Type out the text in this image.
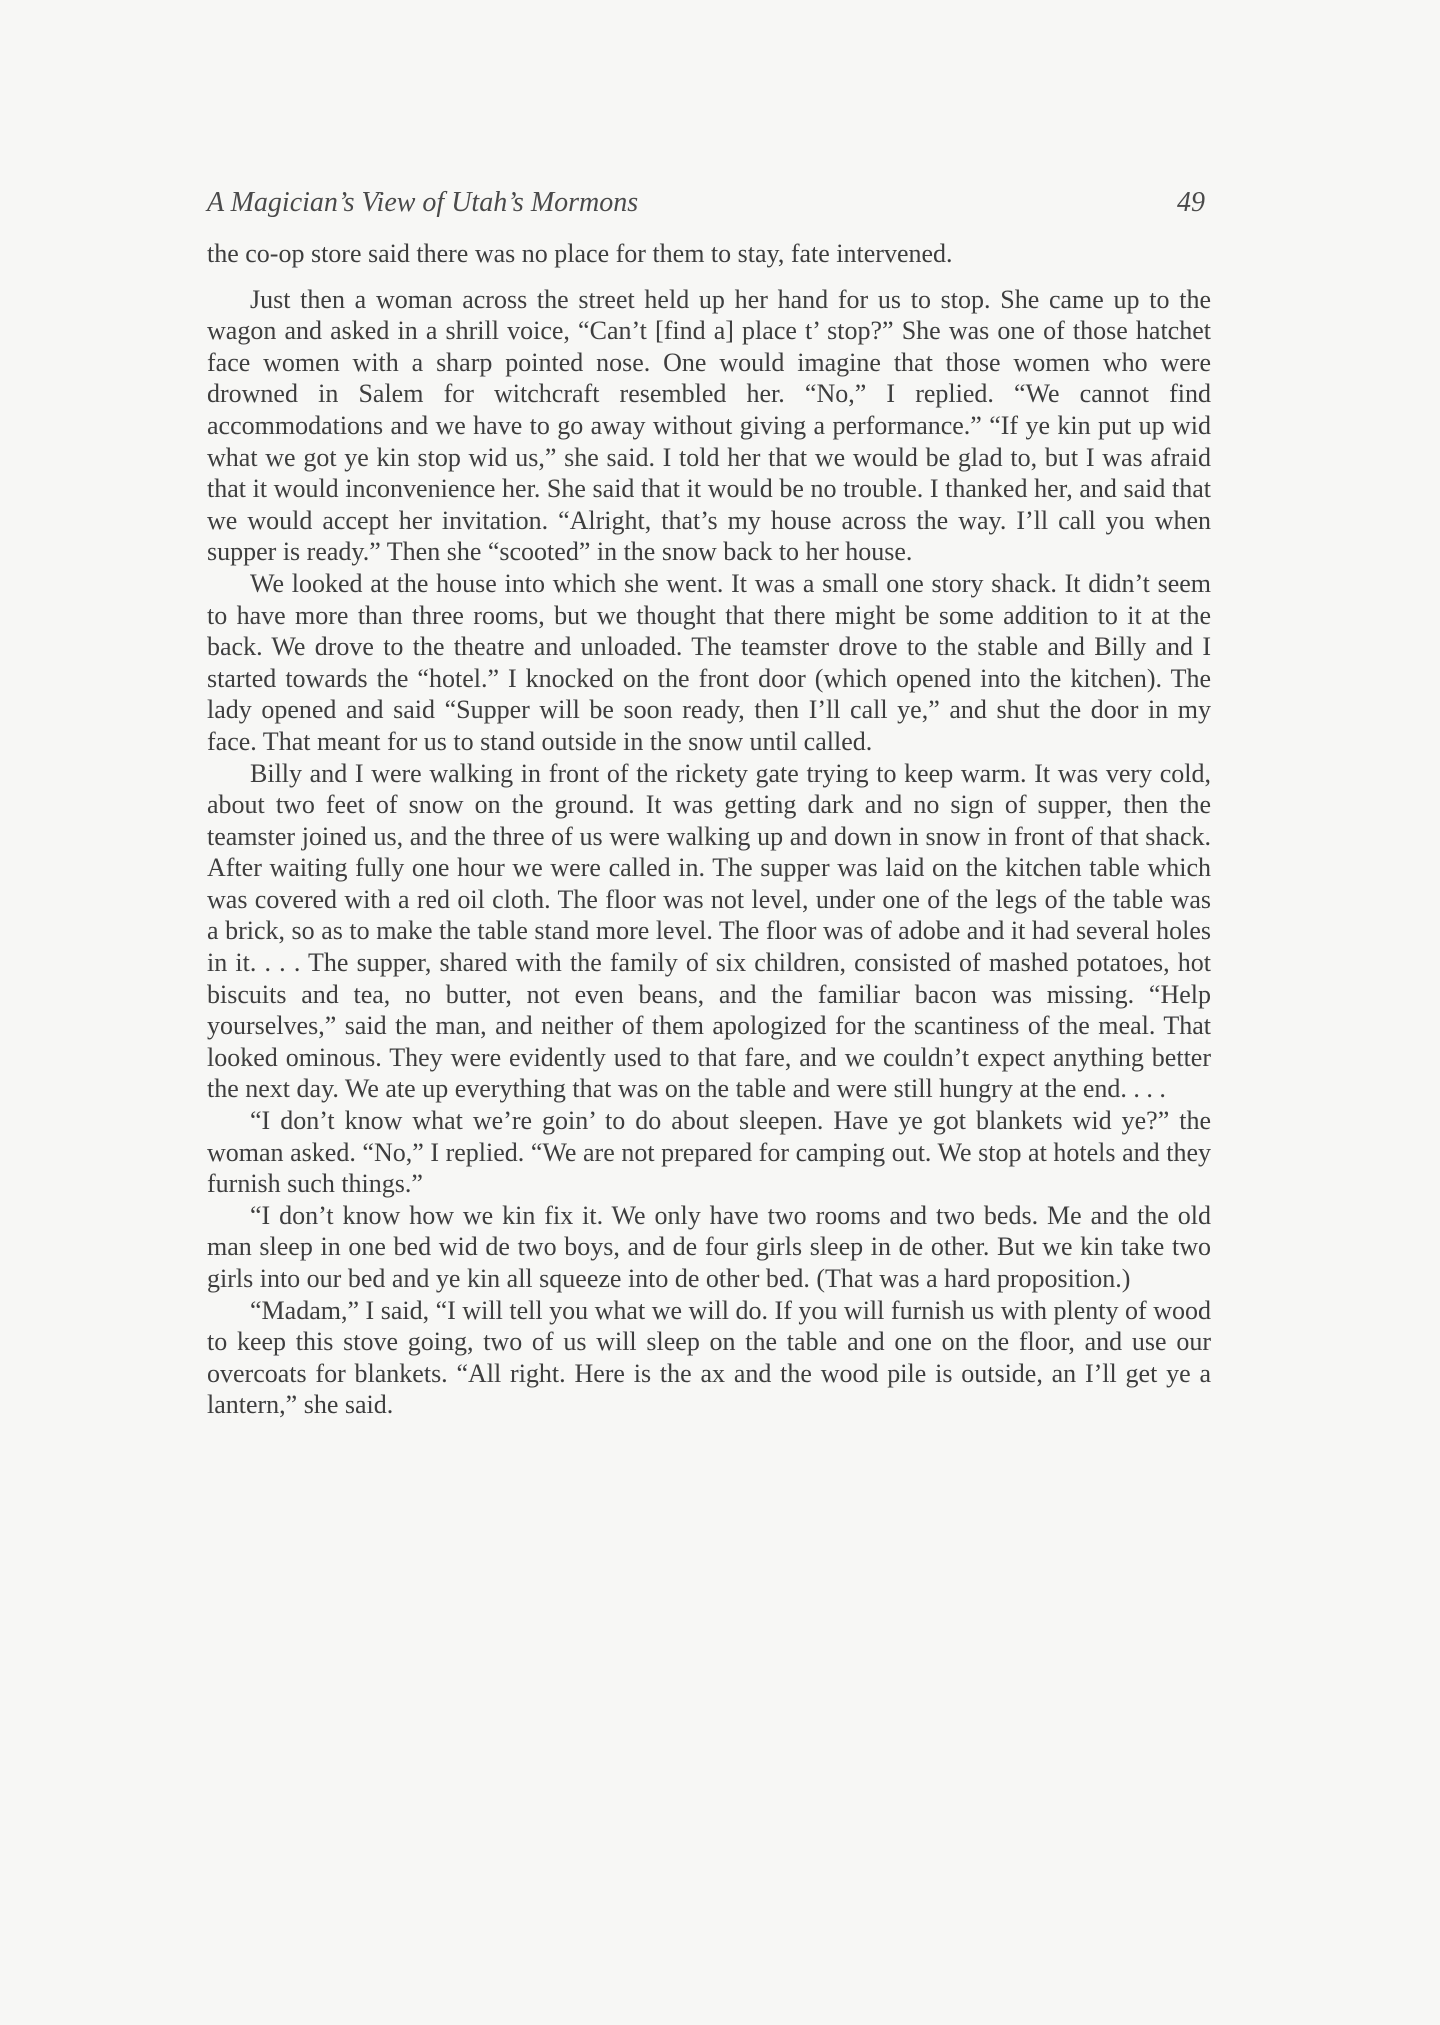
A Magician’s View of Utah’s Mormons	49

the co-op store said there was no place for them to stay, fate intervened.

Just then a woman across the street held up her hand for us to stop. She came up to the wagon and asked in a shrill voice, “Can’t [find a] place t’ stop?” She was one of those hatchet face women with a sharp pointed nose. One would imagine that those women who were drowned in Salem for witchcraft resembled her. “No,” I replied. “We cannot find accommodations and we have to go away without giving a performance.” “If ye kin put up wid what we got ye kin stop wid us,” she said. I told her that we would be glad to, but I was afraid that it would inconvenience her. She said that it would be no trouble. I thanked her, and said that we would accept her invitation. “Alright, that’s my house across the way. I’ll call you when supper is ready.” Then she “scooted” in the snow back to her house.

We looked at the house into which she went. It was a small one story shack. It didn’t seem to have more than three rooms, but we thought that there might be some addition to it at the back. We drove to the theatre and unloaded. The teamster drove to the stable and Billy and I started towards the “hotel.” I knocked on the front door (which opened into the kitchen). The lady opened and said “Supper will be soon ready, then I’ll call ye,” and shut the door in my face. That meant for us to stand outside in the snow until called.

Billy and I were walking in front of the rickety gate trying to keep warm. It was very cold, about two feet of snow on the ground. It was getting dark and no sign of supper, then the teamster joined us, and the three of us were walking up and down in snow in front of that shack. After waiting fully one hour we were called in. The supper was laid on the kitchen table which was covered with a red oil cloth. The floor was not level, under one of the legs of the table was a brick, so as to make the table stand more level. The floor was of adobe and it had several holes in it. . . . The supper, shared with the family of six children, consisted of mashed potatoes, hot biscuits and tea, no butter, not even beans, and the familiar bacon was missing. “Help yourselves,” said the man, and neither of them apologized for the scantiness of the meal. That looked ominous. They were evidently used to that fare, and we couldn’t expect anything better the next day. We ate up everything that was on the table and were still hungry at the end. . . .

“I don’t know what we’re goin’ to do about sleepen. Have ye got blankets wid ye?” the woman asked. “No,” I replied. “We are not prepared for camping out. We stop at hotels and they furnish such things.”

“I don’t know how we kin fix it. We only have two rooms and two beds. Me and the old man sleep in one bed wid de two boys, and de four girls sleep in de other. But we kin take two girls into our bed and ye kin all squeeze into de other bed. (That was a hard proposition.)

“Madam,” I said, “I will tell you what we will do. If you will furnish us with plenty of wood to keep this stove going, two of us will sleep on the table and one on the floor, and use our overcoats for blankets. “All right. Here is the ax and the wood pile is outside, an I’ll get ye a lantern,” she said.
